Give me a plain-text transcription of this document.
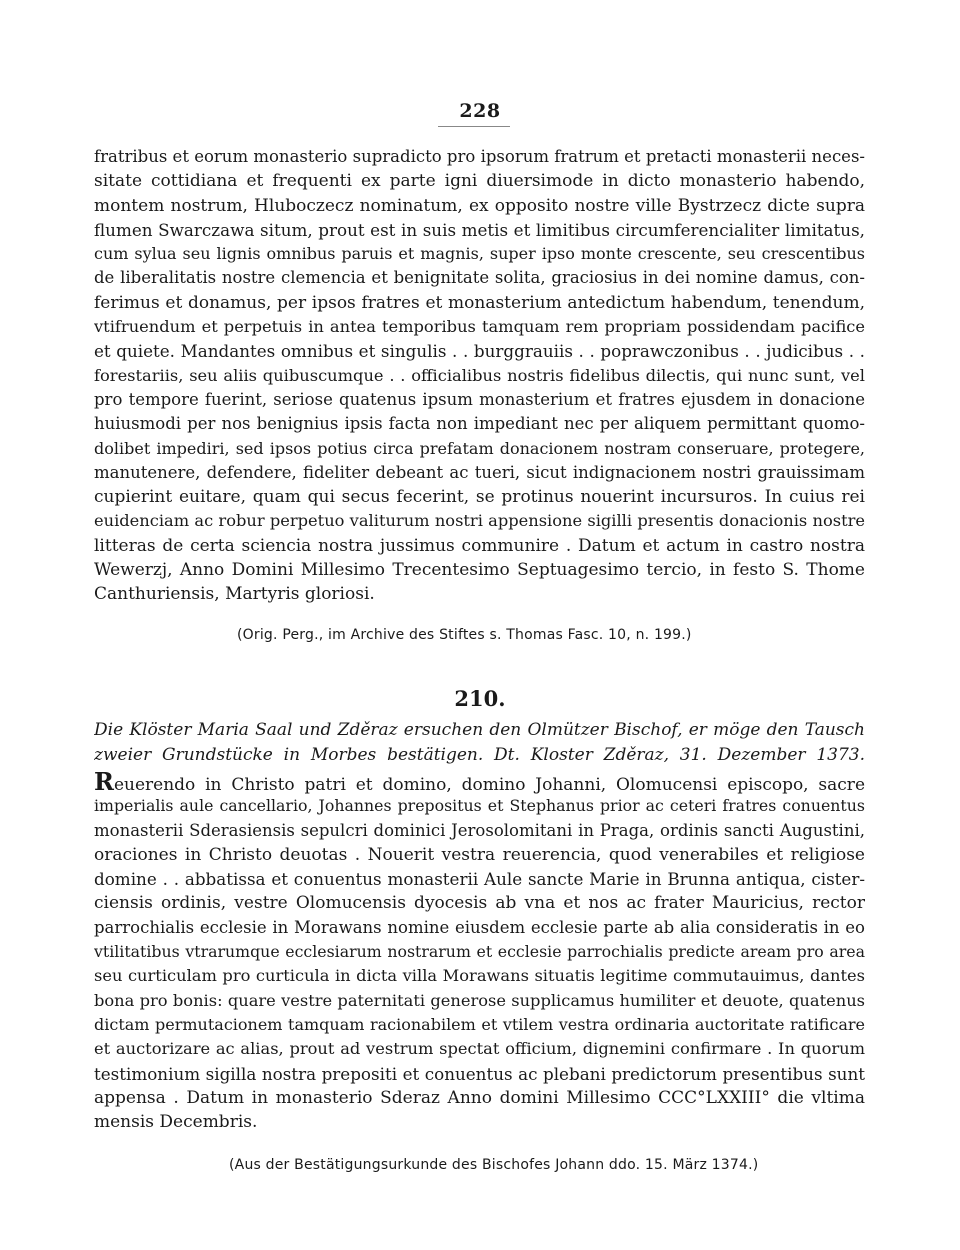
228
fratribus et eorum monasterio supradicto pro ipsorum fratrum et pretacti monasterii neces-
sitate cottidiana et frequenti ex parte igni diuersimode in dicto monasterio habendo,
montem nostrum, Hluboczecz nominatum, ex opposito nostre ville Bystrzecz dicte supra
flumen Swarczawa situm, prout est in suis metis et limitibus circumferencialiter limitatus,
cum sylua seu lignis omnibus paruis et magnis, super ipso monte crescente, seu crescentibus
de liberalitatis nostre clemencia et benignitate solita, graciosius in dei nomine damus, con-
ferimus et donamus, per ipsos fratres et monasterium antedictum habendum, tenendum,
vtifruendum et perpetuis in antea temporibus tamquam rem propriam possidendam pacifice
et quiete. Mandantes omnibus et singulis . . burggrauiis . . poprawczonibus . . judicibus . .
forestariis, seu aliis quibuscumque . . officialibus nostris fidelibus dilectis, qui nunc sunt, vel
pro tempore fuerint, seriose quatenus ipsum monasterium et fratres ejusdem in donacione
huiusmodi per nos benignius ipsis facta non impediant nec per aliquem permittant quomo-
dolibet impediri, sed ipsos potius circa prefatam donacionem nostram conseruare, protegere,
manutenere, defendere, fideliter debeant ac tueri, sicut indignacionem nostri grauissimam
cupierint euitare, quam qui secus fecerint, se protinus nouerint incursuros. In cuius rei
euidenciam ac robur perpetuo valiturum nostri appensione sigilli presentis donacionis nostre
litteras de certa sciencia nostra jussimus communire . Datum et actum in castro nostra
Wewerzj, Anno Domini Millesimo Trecentesimo Septuagesimo tercio, in festo S. Thome
Canthuriensis, Martyris gloriosi.
(Orig. Perg., im Archive des Stiftes s. Thomas Fasc. 10, n. 199.)
210.
Die Klöster Maria Saal und Zděraz ersuchen den Olmützer Bischof, er möge den Tausch
zweier Grundstücke in Morbes bestätigen. Dt. Kloster Zděraz, 31. Dezember 1373.
Reuerendo in Christo patri et domino, domino Johanni, Olomucensi episcopo, sacre
imperialis aule cancellario, Johannes prepositus et Stephanus prior ac ceteri fratres conuentus
monasterii Sderasiensis sepulcri dominici Jerosolomitani in Praga, ordinis sancti Augustini,
oraciones in Christo deuotas . Nouerit vestra reuerencia, quod venerabiles et religiose
domine . . abbatissa et conuentus monasterii Aule sancte Marie in Brunna antiqua, cister-
ciensis ordinis, vestre Olomucensis dyocesis ab vna et nos ac frater Mauricius, rector
parrochialis ecclesie in Morawans nomine eiusdem ecclesie parte ab alia consideratis in eo
vtilitatibus vtrarumque ecclesiarum nostrarum et ecclesie parrochialis predicte aream pro area
seu curticulam pro curticula in dicta villa Morawans situatis legitime commutauimus, dantes
bona pro bonis: quare vestre paternitati generose supplicamus humiliter et deuote, quatenus
dictam permutacionem tamquam racionabilem et vtilem vestra ordinaria auctoritate ratificare
et auctorizare ac alias, prout ad vestrum spectat officium, dignemini confirmare . In quorum
testimonium sigilla nostra prepositi et conuentus ac plebani predictorum presentibus sunt
appensa . Datum in monasterio Sderaz Anno domini Millesimo CCC°LXXIII° die vltima
mensis Decembris.
(Aus der Bestätigungsurkunde des Bischofes Johann ddo. 15. März 1374.)
